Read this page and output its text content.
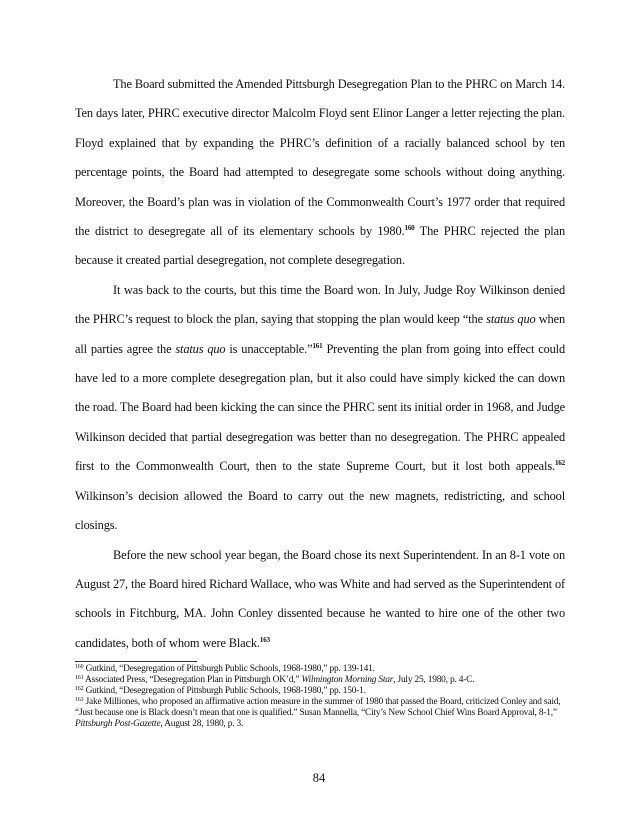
The Board submitted the Amended Pittsburgh Desegregation Plan to the PHRC on March 14. Ten days later, PHRC executive director Malcolm Floyd sent Elinor Langer a letter rejecting the plan. Floyd explained that by expanding the PHRC’s definition of a racially balanced school by ten percentage points, the Board had attempted to desegregate some schools without doing anything. Moreover, the Board’s plan was in violation of the Commonwealth Court’s 1977 order that required the district to desegregate all of its elementary schools by 1980.$^{160}$ The PHRC rejected the plan because it created partial desegregation, not complete desegregation.

It was back to the courts, but this time the Board won. In July, Judge Roy Wilkinson denied the PHRC’s request to block the plan, saying that stopping the plan would keep “the status quo when all parties agree the status quo is unacceptable.”$^{161}$ Preventing the plan from going into effect could have led to a more complete desegregation plan, but it also could have simply kicked the can down the road. The Board had been kicking the can since the PHRC sent its initial order in 1968, and Judge Wilkinson decided that partial desegregation was better than no desegregation. The PHRC appealed first to the Commonwealth Court, then to the state Supreme Court, but it lost both appeals.$^{162}$ Wilkinson’s decision allowed the Board to carry out the new magnets, redistricting, and school closings.

Before the new school year began, the Board chose its next Superintendent. In an 8-1 vote on August 27, the Board hired Richard Wallace, who was White and had served as the Superintendent of schools in Fitchburg, MA. John Conley dissented because he wanted to hire one of the other two candidates, both of whom were Black.$^{163}$

$^{160}$ Gutkind, “Desegregation of Pittsburgh Public Schools, 1968-1980,” pp. 139-141.

$^{161}$ Associated Press, “Desegregation Plan in Pittsburgh OK’d,” Wilmington Morning Star, July 25, 1980, p. 4-C.

$^{162}$ Gutkind, “Desegregation of Pittsburgh Public Schools, 1968-1980,” pp. 150-1.

$^{163}$ Jake Milliones, who proposed an affirmative action measure in the summer of 1980 that passed the Board, criticized Conley and said, “Just because one is Black doesn’t mean that one is qualified.” Susan Mannella, “City’s New School Chief Wins Board Approval, 8-1,” Pittsburgh Post-Gazette, August 28, 1980, p. 3.

84
